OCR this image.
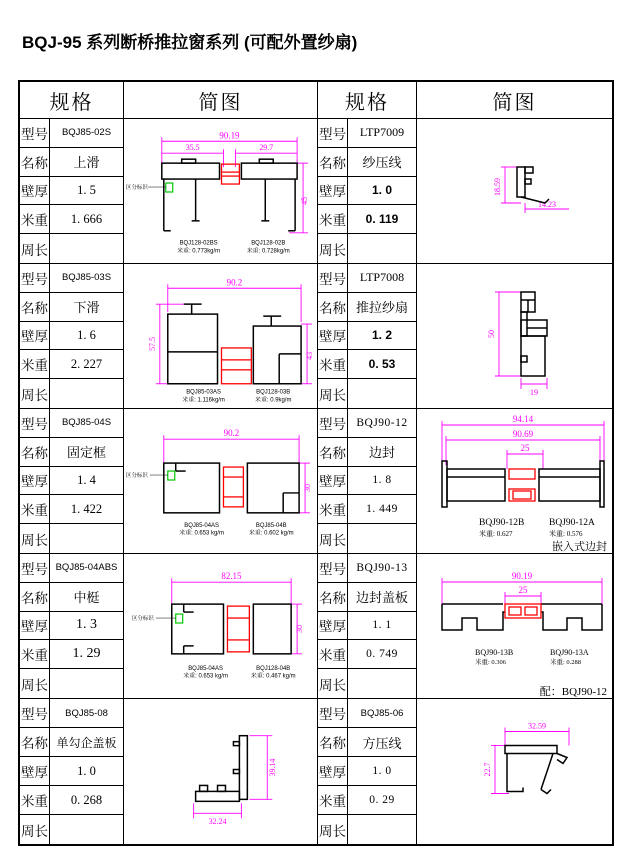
BQJ-95 系列断桥推拉窗系列 (可配外置纱扇)
规格	简图	规格	简图
型号	BQJ85-02S
名称	上滑
壁厚	1. 5
米重	1. 666
周长
90.19
35.5	29.7
45
区分标识
BQJ128-02BS
米重: 0.773kg/m
BQJ128-02B
米重: 0.728kg/m
型号	LTP7009
名称	纱压线
壁厚	1. 0
米重	0. 119
周长
18.59
14.23
型号	BQJ85-03S
名称	下滑
壁厚	1. 6
米重	2. 227
周长
90.2
57.5
43
BQJ85-03AS
米重: 1.116kg/m
BQJ128-03B
米重: 0.9kg/m
型号	LTP7008
名称 推拉纱扇
壁厚	1. 2
米重	0. 53
周长
50
19
型号	BQJ85-04S
名称	固定框
壁厚	1. 4
米重	1. 422
周长
90.2
30
区分标识
BQJ85-04AS
米重: 0.653 kg/m
BQJ85-04B
米重: 0.602 kg/m
型号 BQJ90-12
名称	边封
壁厚	1. 8
米重	1. 449
周长
94.14
90.69
25
BQJ90-12B
米重: 0.627
BQJ90-12A
米重: 0.576
嵌入式边封
型号 BQJ85-04ABS
名称	中梃
壁厚	1. 3
米重	1. 29
周长
82.15
30
区分标识
BQJ85-04AS
米重: 0.653 kg/m
BQJ128-04B
米重: 0.467 kg/m
型号 BQJ90-13
名称 边封盖板
壁厚	1. 1
米重	0. 749
周长
90.19
25
BQJ90-13B
米重: 0.306
BQJ90-13A
米重: 0.288
配：BQJ90-12
型号	BQJ85-08
名称 单勾企盖板
壁厚	1. 0
米重	0. 268
周长
39.14
32.24
型号	BQJ85-06
名称	方压线
壁厚	1. 0
米重	0. 29
周长
32.59
22.7
